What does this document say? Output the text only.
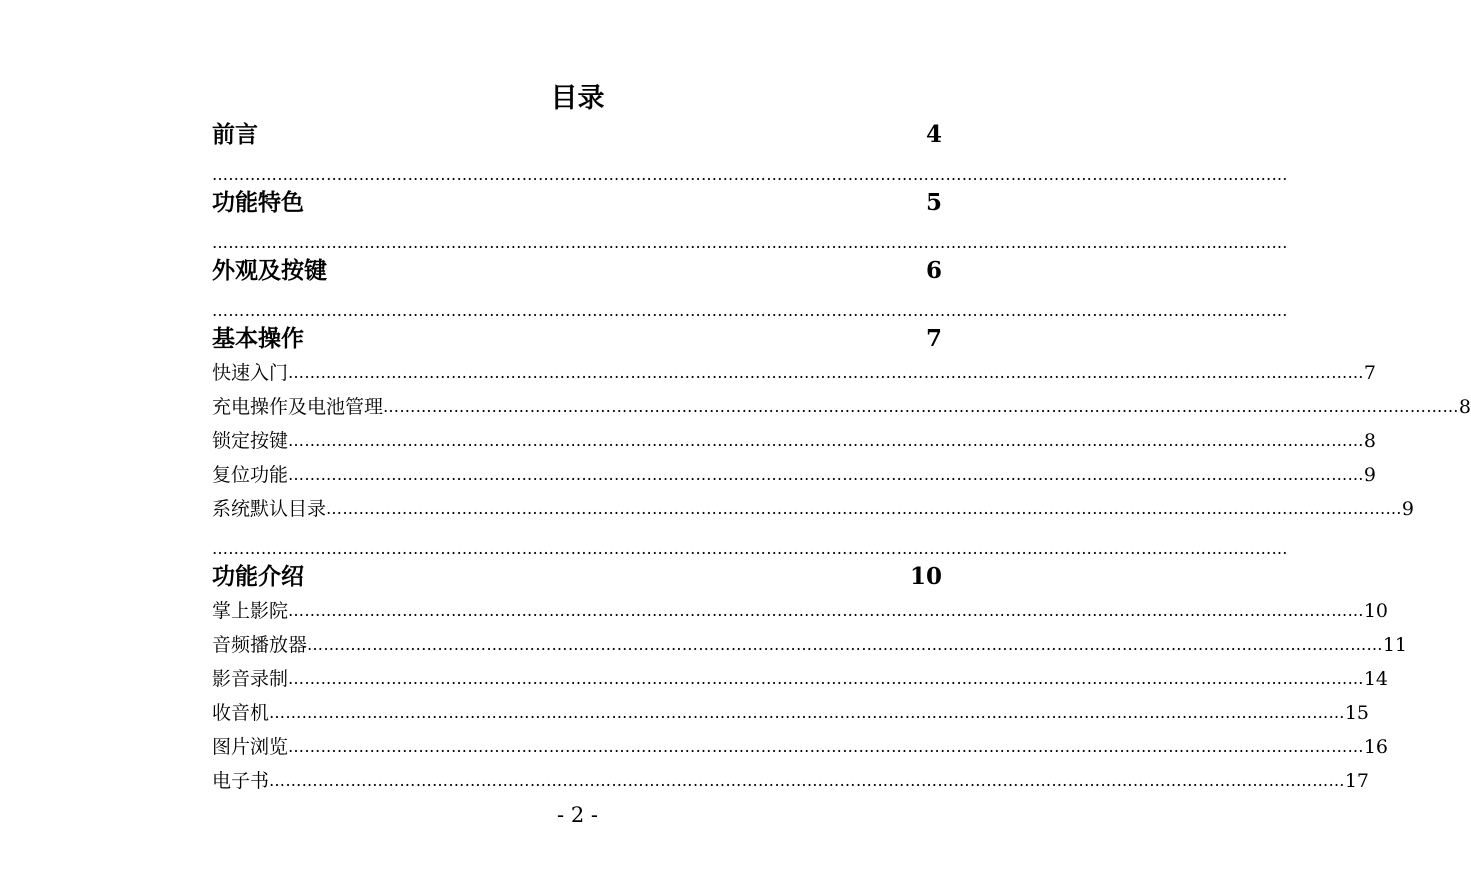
目录
前言	4
………………………………………………………………………………………………………………………………………………………………………………
功能特色	5
………………………………………………………………………………………………………………………………………………………………………………
外观及按键	6
………………………………………………………………………………………………………………………………………………………………………………
基本操作	7
快速入门 ……………………………………………………………………………………………………………………………………………………………………………… 7
充电操作及电池管理 ……………………………………………………………………………………………………………………………………………………………………………… 8
锁定按键 ……………………………………………………………………………………………………………………………………………………………………………… 8
复位功能 ……………………………………………………………………………………………………………………………………………………………………………… 9
系统默认目录 ……………………………………………………………………………………………………………………………………………………………………………… 9
………………………………………………………………………………………………………………………………………………………………………………
功能介绍	10
掌上影院 ……………………………………………………………………………………………………………………………………………………………………………… 10
音频播放器 ……………………………………………………………………………………………………………………………………………………………………………… 11
影音录制 ……………………………………………………………………………………………………………………………………………………………………………… 14
收音机 ……………………………………………………………………………………………………………………………………………………………………………… 15
图片浏览 ……………………………………………………………………………………………………………………………………………………………………………… 16
电子书 ……………………………………………………………………………………………………………………………………………………………………………… 17
- 2 -
